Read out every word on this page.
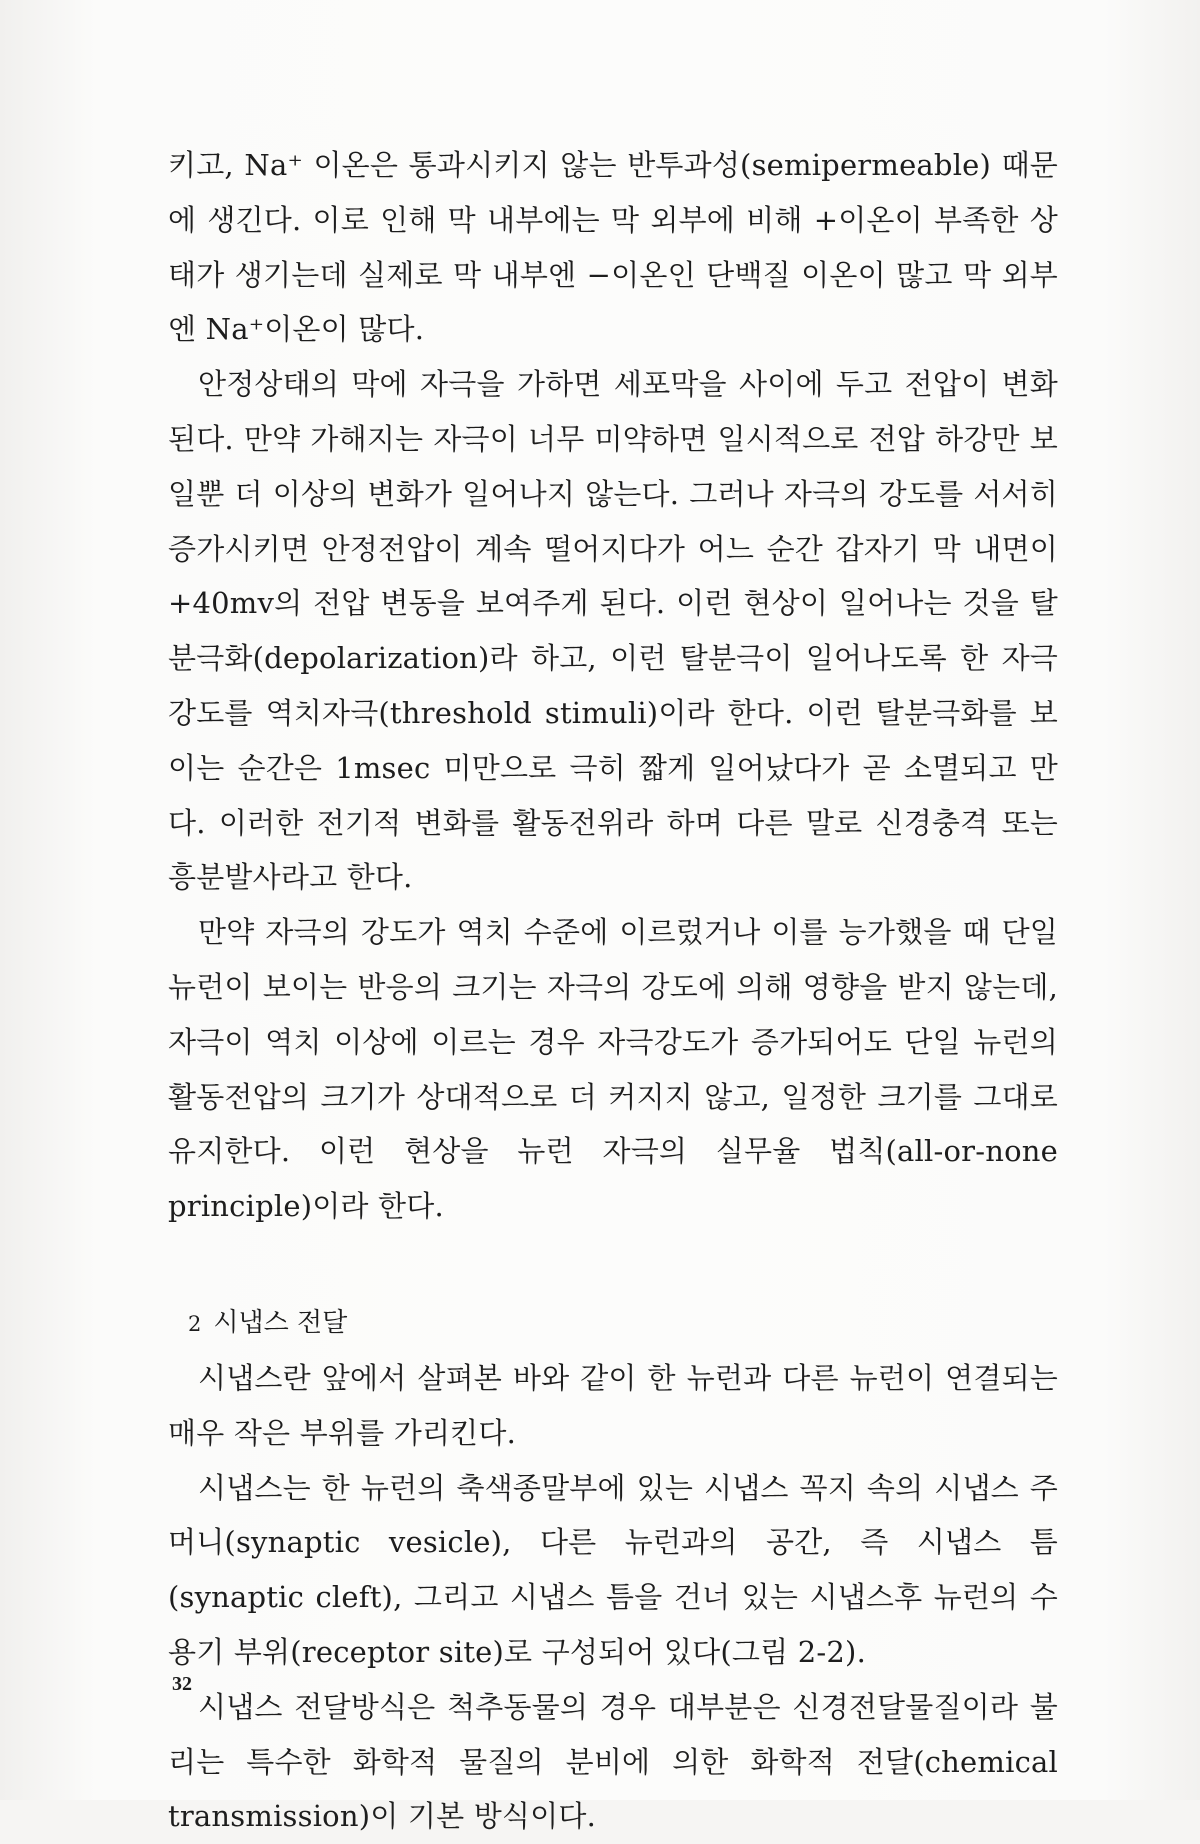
키고, Na⁺ 이온은 통과시키지 않는 반투과성(semipermeable) 때문에 생긴다. 이로 인해 막 내부에는 막 외부에 비해 +이온이 부족한 상태가 생기는데 실제로 막 내부엔 −이온인 단백질 이온이 많고 막 외부엔 Na⁺이온이 많다.

안정상태의 막에 자극을 가하면 세포막을 사이에 두고 전압이 변화된다. 만약 가해지는 자극이 너무 미약하면 일시적으로 전압 하강만 보일뿐 더 이상의 변화가 일어나지 않는다. 그러나 자극의 강도를 서서히 증가시키면 안정전압이 계속 떨어지다가 어느 순간 갑자기 막 내면이 +40mv의 전압 변동을 보여주게 된다. 이런 현상이 일어나는 것을 탈분극화(depolarization)라 하고, 이런 탈분극이 일어나도록 한 자극 강도를 역치자극(threshold stimuli)이라 한다. 이런 탈분극화를 보이는 순간은 1msec 미만으로 극히 짧게 일어났다가 곧 소멸되고 만다. 이러한 전기적 변화를 활동전위라 하며 다른 말로 신경충격 또는 흥분발사라고 한다.

만약 자극의 강도가 역치 수준에 이르렀거나 이를 능가했을 때 단일 뉴런이 보이는 반응의 크기는 자극의 강도에 의해 영향을 받지 않는데, 자극이 역치 이상에 이르는 경우 자극강도가 증가되어도 단일 뉴런의 활동전압의 크기가 상대적으로 더 커지지 않고, 일정한 크기를 그대로 유지한다. 이런 현상을 뉴런 자극의 실무율 법칙(all-or-none principle)이라 한다.

2 시냅스 전달

시냅스란 앞에서 살펴본 바와 같이 한 뉴런과 다른 뉴런이 연결되는 매우 작은 부위를 가리킨다.

시냅스는 한 뉴런의 축색종말부에 있는 시냅스 꼭지 속의 시냅스 주머니(synaptic vesicle), 다른 뉴런과의 공간, 즉 시냅스 틈(synaptic cleft), 그리고 시냅스 틈을 건너 있는 시냅스후 뉴런의 수용기 부위(receptor site)로 구성되어 있다(그림 2-2).

시냅스 전달방식은 척추동물의 경우 대부분은 신경전달물질이라 불리는 특수한 화학적 물질의 분비에 의한 화학적 전달(chemical transmission)이 기본 방식이다.

32
